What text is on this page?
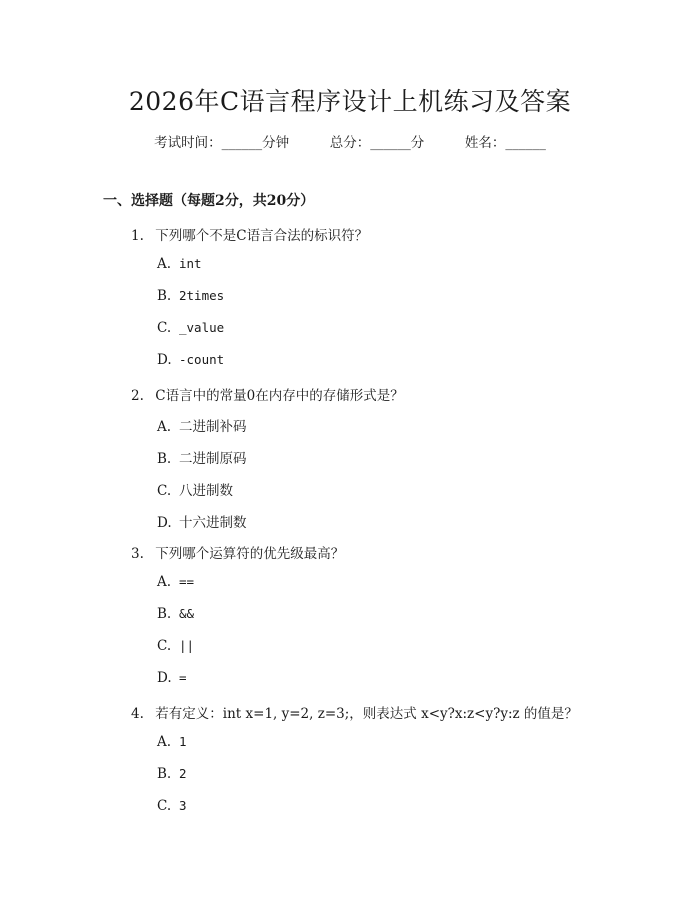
2026年C语言程序设计上机练习及答案
考试时间：______分钟	总分：______分	姓名：______
一、选择题（每题2分，共20分）
1. 下列哪个不是C语言合法的标识符？
A. int
B. 2times
C. _value
D. -count
2. C语言中的常量0在内存中的存储形式是？
A. 二进制补码
B. 二进制原码
C. 八进制数
D. 十六进制数
3. 下列哪个运算符的优先级最高？
A. ==
B. &&
C. ||
D. =
4. 若有定义：int x=1, y=2, z=3;，则表达式 x<y?x:z<y?y:z 的值是？
A. 1
B. 2
C. 3
